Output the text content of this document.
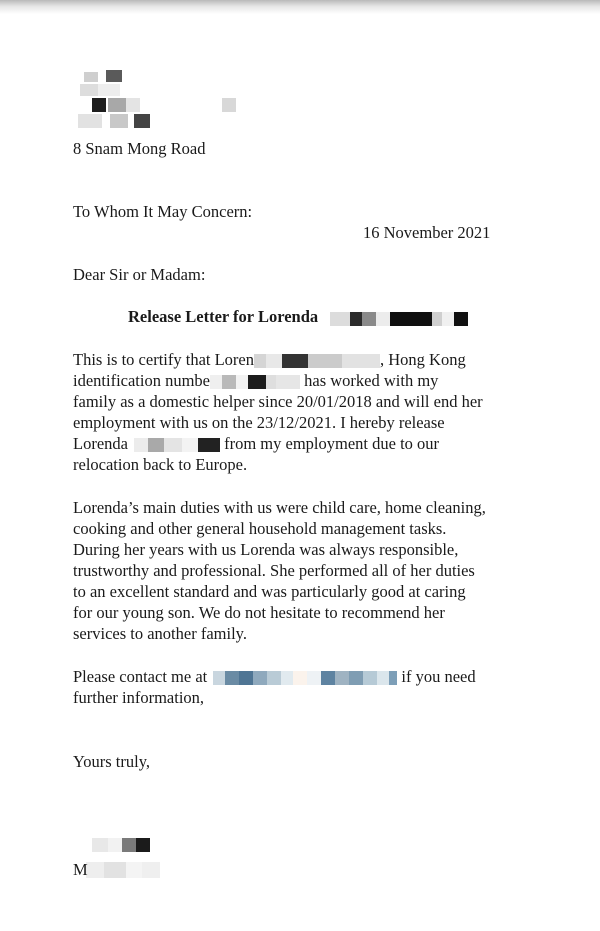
8 Snam Mong Road
To Whom It May Concern:
16 November 2021
Dear Sir or Madam:
Release Letter for Lorenda
This is to certify that Loren	, Hong Kong
identification numbe	has worked with my
family as a domestic helper since 20/01/2018 and will end her
employment with us on the 23/12/2021. I hereby release
Lorenda	from my employment due to our
relocation back to Europe.
Lorenda’s main duties with us were child care, home cleaning,
cooking and other general household management tasks.
During her years with us Lorenda was always responsible,
trustworthy and professional. She performed all of her duties
to an excellent standard and was particularly good at caring
for our young son. We do not hesitate to recommend her
services to another family.
Please contact me at	if you need
further information,
Yours truly,
M
